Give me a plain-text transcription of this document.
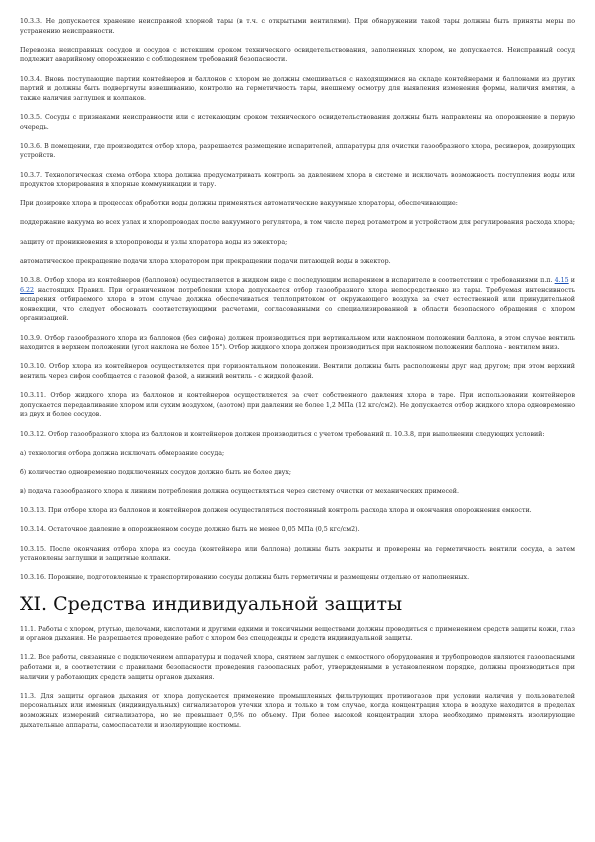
10.3.3. Не допускается хранение неисправной хлорной тары (в т.ч. с открытыми вентилями). При обнаружении такой тары должны быть приняты меры по устранению неисправности.

Перевозка неисправных сосудов и сосудов с истекшим сроком технического освидетельствования, заполненных хлором, не допускается. Неисправный сосуд подлежит аварийному опорожнению с соблюдением требований безопасности.

10.3.4. Вновь поступающие партии контейнеров и баллонов с хлором не должны смешиваться с находящимися на складе контейнерами и баллонами из других партий и должны быть подвергнуты взвешиванию, контролю на герметичность тары, внешнему осмотру для выявления изменения формы, наличия вмятин, а также наличия заглушек и колпаков.

10.3.5. Сосуды с признаками неисправности или с истекающим сроком технического освидетельствования должны быть направлены на опорожнение в первую очередь.

10.3.6. В помещении, где производится отбор хлора, разрешается размещение испарителей, аппаратуры для очистки газообразного хлора, ресиверов, дозирующих устройств.

10.3.7. Технологическая схема отбора хлора должна предусматривать контроль за давлением хлора в системе и исключать возможность поступления воды или продуктов хлорирования в хлорные коммуникации и тару.

При дозировке хлора в процессах обработки воды должны применяться автоматические вакуумные хлораторы, обеспечивающие:

поддержание вакуума во всех узлах и хлоропроводах после вакуумного регулятора, в том числе перед ротаметром и устройством для регулирования расхода хлора;

защиту от проникновения в хлоропроводы и узлы хлоратора воды из эжектора;

автоматическое прекращение подачи хлора хлоратором при прекращении подачи питающей воды в эжектор.

10.3.8. Отбор хлора из контейнеров (баллонов) осуществляется в жидком виде с последующим испарением в испарителе в соответствии с требованиями п.п. 4.15 и 6.22 настоящих Правил. При ограниченном потреблении хлора допускается отбор газообразного хлора непосредственно из тары. Требуемая интенсивность испарения отбираемого хлора в этом случае должна обеспечиваться теплопритоком от окружающего воздуха за счет естественной или принудительной конвекции, что следует обосновать соответствующими расчетами, согласованными со специализированной в области безопасного обращения с хлором организацией.

10.3.9. Отбор газообразного хлора из баллонов (без сифона) должен производиться при вертикальном или наклонном положении баллона, в этом случае вентиль находится в верхнем положении (угол наклона не более 15°). Отбор жидкого хлора должен производиться при наклонном положении баллона - вентилем вниз.

10.3.10. Отбор хлора из контейнеров осуществляется при горизонтальном положении. Вентили должны быть расположены друг над другом; при этом верхний вентиль через сифон сообщается с газовой фазой, а нижний вентиль - с жидкой фазой.

10.3.11. Отбор жидкого хлора из баллонов и контейнеров осуществляется за счет собственного давления хлора в таре. При использовании контейнеров допускается передавливание хлором или сухим воздухом, (азотом) при давлении не более 1,2 МПа (12 кгс/см2). Не допускается отбор жидкого хлора одновременно из двух и более сосудов.

10.3.12. Отбор газообразного хлора из баллонов и контейнеров должен производиться с учетом требований п. 10.3.8, при выполнении следующих условий:

а) технология отбора должна исключать обмерзание сосуда;

б) количество одновременно подключенных сосудов должно быть не более двух;

в) подача газообразного хлора к линиям потребления должна осуществляться через систему очистки от механических примесей.

10.3.13. При отборе хлора из баллонов и контейнеров должен осуществляться постоянный контроль расхода хлора и окончания опорожнения емкости.

10.3.14. Остаточное давление в опорожненном сосуде должно быть не менее 0,05 МПа (0,5 кгс/см2).

10.3.15. После окончания отбора хлора из сосуда (контейнера или баллона) должны быть закрыты и проверены на герметичность вентили сосуда, а затем установлены заглушки и защитные колпаки.

10.3.16. Порожние, подготовленные к транспортированию сосуды должны быть герметичны и размещены отдельно от наполненных.

XI. Средства индивидуальной защиты

11.1. Работы с хлором, ртутью, щелочами, кислотами и другими едкими и токсичными веществами должны проводиться с применением средств защиты кожи, глаз и органов дыхания. Не разрешается проведение работ с хлором без спецодежды и средств индивидуальной защиты.

11.2. Все работы, связанные с подключением аппаратуры и подачей хлора, снятием заглушек с емкостного оборудования и трубопроводов являются газоопасными работами и, в соответствии с правилами безопасности проведения газоопасных работ, утвержденными в установленном порядке, должны производиться при наличии у работающих средств защиты органов дыхания.

11.3. Для защиты органов дыхания от хлора допускается применение промышленных фильтрующих противогазов при условии наличия у пользователей персональных или именных (индивидуальных) сигнализаторов утечки хлора и только в том случае, когда концентрация хлора в воздухе находится в пределах возможных измерений сигнализатора, но не превышает 0,5% по объему. При более высокой концентрации хлора необходимо применять изолирующие дыхательные аппараты, самоспасатели и изолирующие костюмы.
